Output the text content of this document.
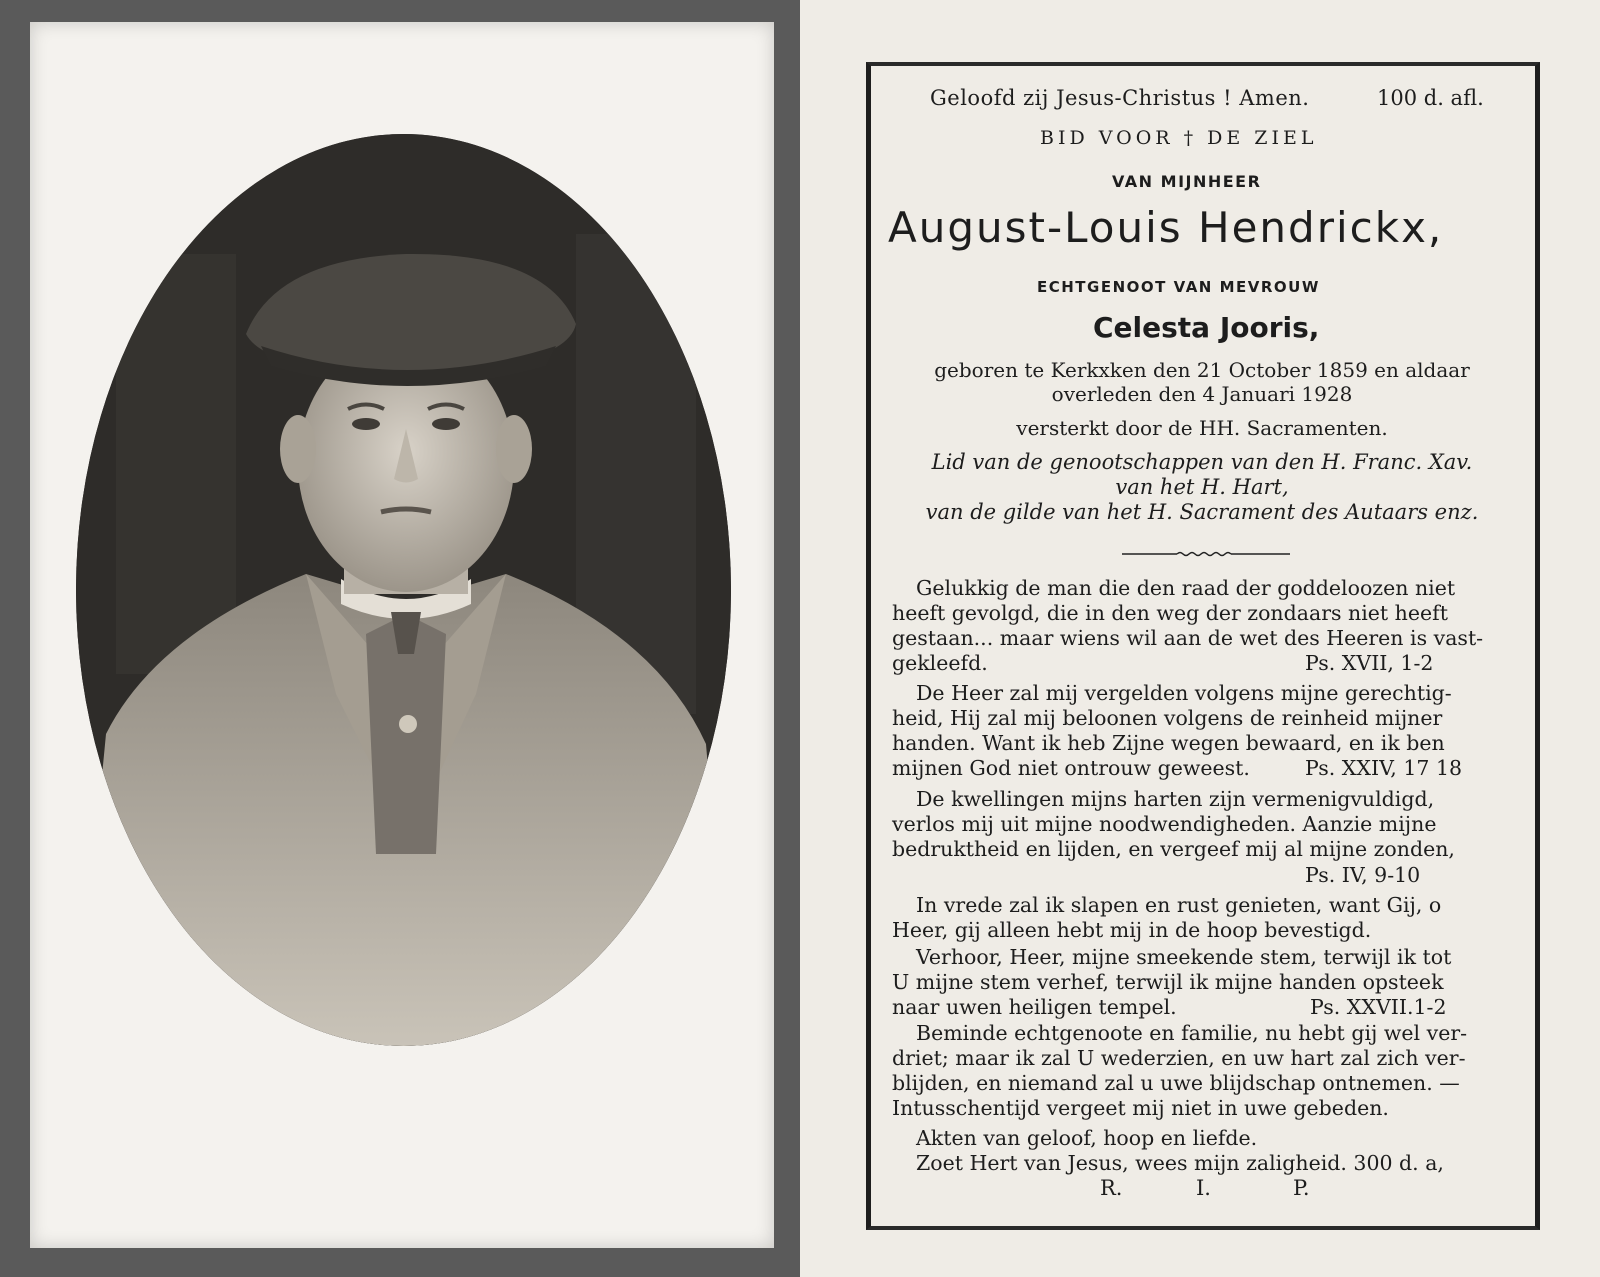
Geloofd zij Jesus-Christus ! Amen.	100 d. afl.
BID VOOR † DE ZIEL
VAN MIJNHEER
August-Louis Hendrickx,
ECHTGENOOT VAN MEVROUW
Celesta Jooris,
geboren te Kerkxken den 21 October 1859 en aldaar
overleden den 4 Januari 1928
versterkt door de HH. Sacramenten.
Lid van de genootschappen van den H. Franc. Xav.
van het H. Hart,
van de gilde van het H. Sacrament des Autaars enz.
Gelukkig de man die den raad der goddeloozen niet
heeft gevolgd, die in den weg der zondaars niet heeft
gestaan... maar wiens wil aan de wet des Heeren is vast-
gekleefd.	Ps. XVII, 1-2
De Heer zal mij vergelden volgens mijne gerechtig-
heid, Hij zal mij beloonen volgens de reinheid mijner
handen. Want ik heb Zijne wegen bewaard, en ik ben
mijnen God niet ontrouw geweest.	Ps. XXIV, 17 18
De kwellingen mijns harten zijn vermenigvuldigd,
verlos mij uit mijne noodwendigheden. Aanzie mijne
bedruktheid en lijden, en vergeef mij al mijne zonden,
Ps. IV, 9-10
In vrede zal ik slapen en rust genieten, want Gij, o
Heer, gij alleen hebt mij in de hoop bevestigd.
Verhoor, Heer, mijne smeekende stem, terwijl ik tot
U mijne stem verhef, terwijl ik mijne handen opsteek
naar uwen heiligen tempel.	Ps. XXVII.1-2
Beminde echtgenoote en familie, nu hebt gij wel ver-
driet; maar ik zal U wederzien, en uw hart zal zich ver-
blijden, en niemand zal u uwe blijdschap ontnemen. —
Intusschentijd vergeet mij niet in uwe gebeden.
Akten van geloof, hoop en liefde.
Zoet Hert van Jesus, wees mijn zaligheid. 300 d. a,
R.	I.	P.
